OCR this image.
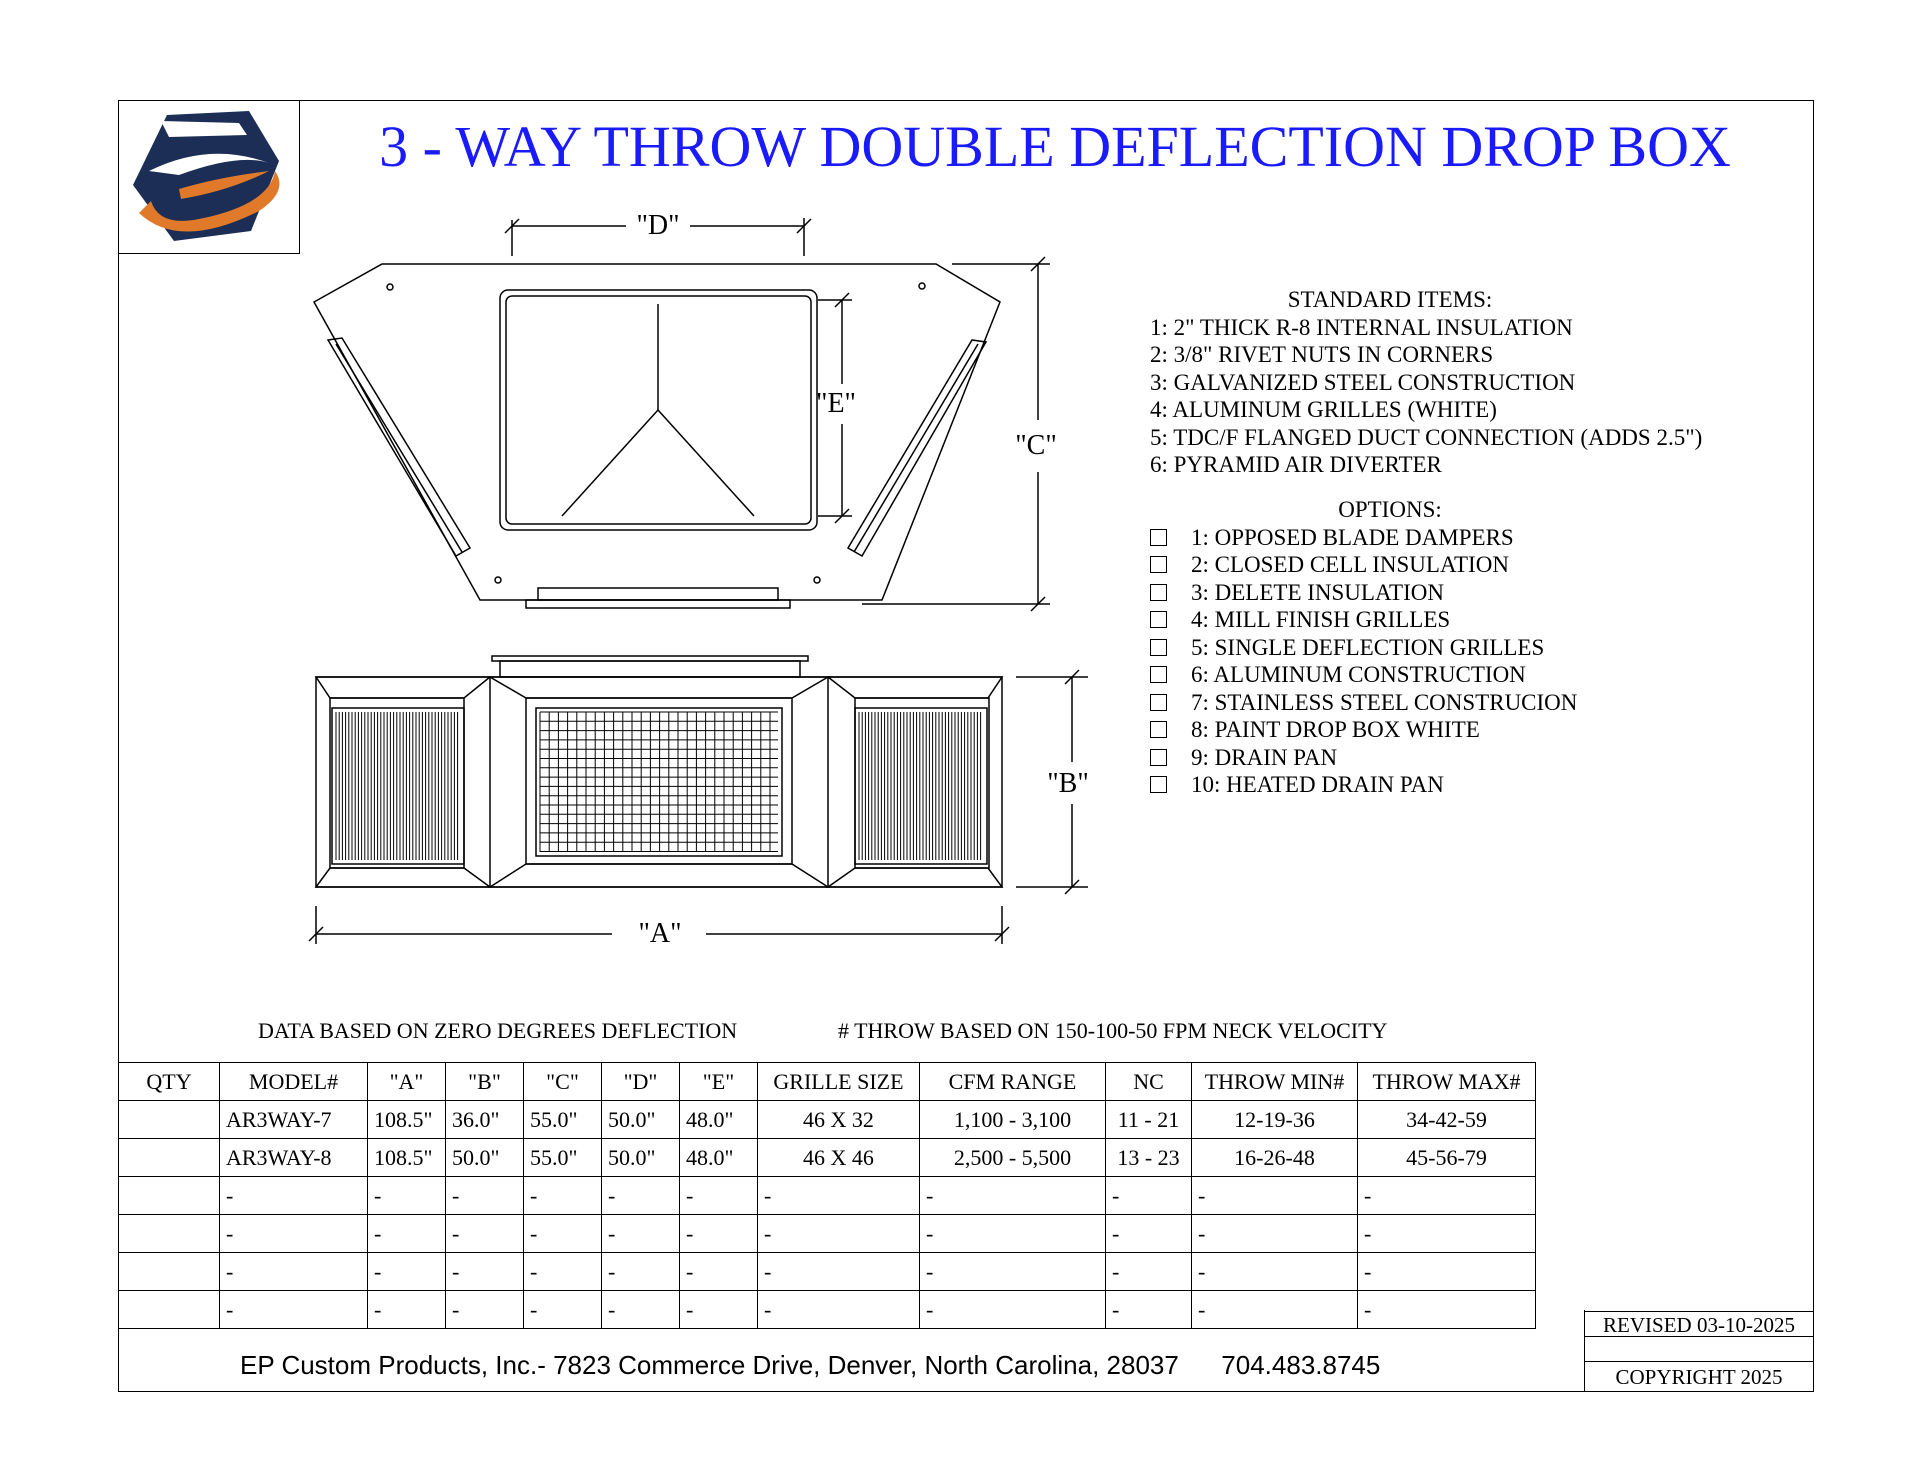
3 - WAY THROW DOUBLE DEFLECTION DROP BOX
"D"
"E"
"C"
"B"
"A"
STANDARD ITEMS:
1: 2" THICK R-8 INTERNAL INSULATION
2: 3/8" RIVET NUTS IN CORNERS
3: GALVANIZED STEEL CONSTRUCTION
4: ALUMINUM GRILLES (WHITE)
5: TDC/F FLANGED DUCT CONNECTION (ADDS 2.5")
6: PYRAMID AIR DIVERTER
OPTIONS:
1: OPPOSED BLADE DAMPERS
2: CLOSED CELL INSULATION
3: DELETE INSULATION
4: MILL FINISH GRILLES
5: SINGLE DEFLECTION GRILLES
6: ALUMINUM CONSTRUCTION
7: STAINLESS STEEL CONSTRUCION
8: PAINT DROP BOX WHITE
9: DRAIN PAN
10: HEATED DRAIN PAN
DATA BASED ON ZERO DEGREES DEFLECTION	# THROW BASED ON 150-100-50 FPM NECK VELOCITY
QTY	MODEL#	"A"	"B"	"C"	"D"	"E"	GRILLE SIZE	CFM RANGE	NC	THROW MIN#	THROW MAX#
	AR3WAY-7	108.5"	36.0"	55.0"	50.0"	48.0"	46 X 32	1,100 - 3,100	11 - 21	12-19-36	34-42-59
	AR3WAY-8	108.5"	50.0"	55.0"	50.0"	48.0"	46 X 46	2,500 - 5,500	13 - 23	16-26-48	45-56-79
	-	-	-	-	-	-	-	-	-	-	-
	-	-	-	-	-	-	-	-	-	-	-
	-	-	-	-	-	-	-	-	-	-	-
	-	-	-	-	-	-	-	-	-	-	-
EP Custom Products, Inc.- 7823 Commerce Drive, Denver, North Carolina, 28037 704.483.8745
REVISED 03-10-2025
COPYRIGHT 2025
